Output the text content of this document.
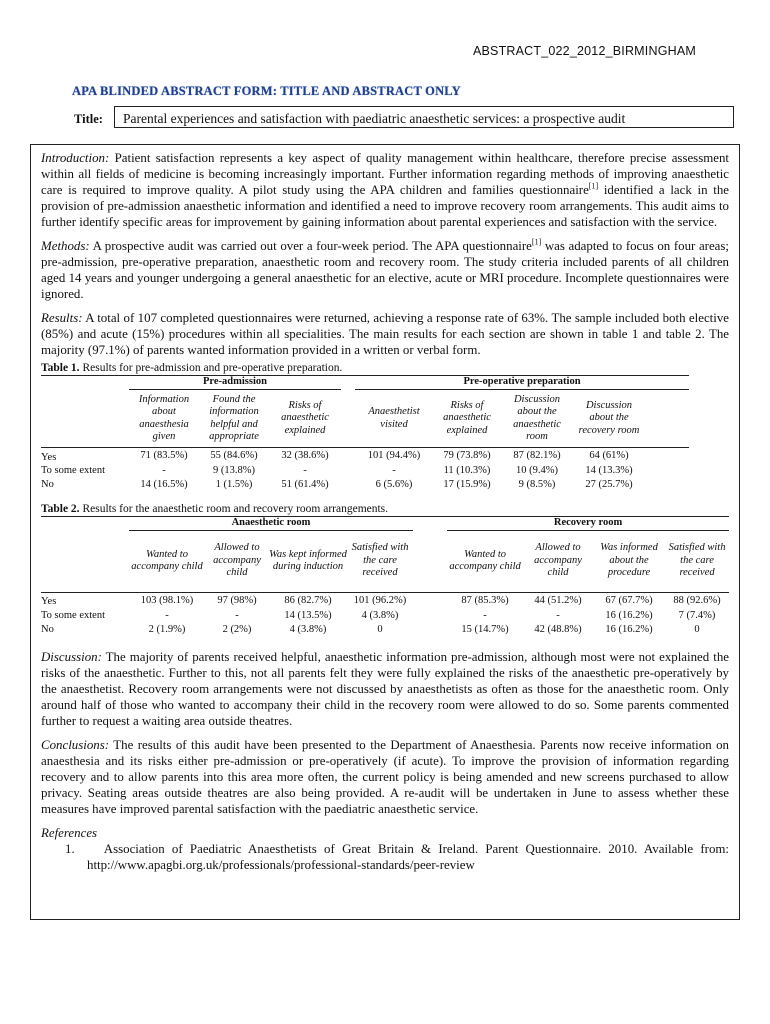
ABSTRACT_022_2012_BIRMINGHAM
APA BLINDED ABSTRACT FORM: TITLE AND ABSTRACT ONLY
Title:	Parental experiences and satisfaction with paediatric anaesthetic services: a prospective audit

Introduction: Patient satisfaction represents a key aspect of quality management within healthcare, therefore precise assessment within all fields of medicine is becoming increasingly important. Further information regarding methods of improving anaesthetic care is required to improve quality. A pilot study using the APA children and families questionnaire[1] identified a lack in the provision of pre-admission anaesthetic information and identified a need to improve recovery room arrangements. This audit aims to further identify specific areas for improvement by gaining information about parental experiences and satisfaction with the service.

Methods: A prospective audit was carried out over a four-week period. The APA questionnaire[1] was adapted to focus on four areas; pre-admission, pre-operative preparation, anaesthetic room and recovery room. The study criteria included parents of all children aged 14 years and younger undergoing a general anaesthetic for an elective, acute or MRI procedure. Incomplete questionnaires were ignored.

Results: A total of 107 completed questionnaires were returned, achieving a response rate of 63%. The sample included both elective (85%) and acute (15%) procedures within all specialities. The main results for each section are shown in table 1 and table 2. The majority (97.1%) of parents wanted information provided in a written or verbal form.

Table 1. Results for pre-admission and pre-operative preparation.
	Pre-admission				Pre-operative preparation				
	Information about anaesthesia given	Found the information helpful and appropriate	Risks of anaesthetic explained		Anaesthetist visited	Risks of anaesthetic explained	Discussion about the anaesthetic room	Discussion about the recovery room	
Yes	71 (83.5%)	55 (84.6%)	32 (38.6%)		101 (94.4%)	79 (73.8%)	87 (82.1%)	64 (61%)	
To some extent	-	9 (13.8%)	-		-	11 (10.3%)	10 (9.4%)	14 (13.3%)	
No	14 (16.5%)	1 (1.5%)	51 (61.4%)		6 (5.6%)	17 (15.9%)	9 (8.5%)	27 (25.7%)	
Table 2. Results for the anaesthetic room and recovery room arrangements.
	Anaesthetic room					Recovery room			
	Wanted to accompany child	Allowed to accompany child	Was kept informed during induction	Satisfied with the care received		Wanted to accompany child	Allowed to accompany child	Was informed about the procedure	Satisfied with the care received
Yes	103 (98.1%)	97 (98%)	86 (82.7%)	101 (96.2%)		87 (85.3%)	44 (51.2%)	67 (67.7%)	88 (92.6%)
To some extent	-	-	14 (13.5%)	4 (3.8%)		-	-	16 (16.2%)	7 (7.4%)
No	2 (1.9%)	2 (2%)	4 (3.8%)	0		15 (14.7%)	42 (48.8%)	16 (16.2%)	0

Discussion: The majority of parents received helpful, anaesthetic information pre-admission, although most were not explained the risks of the anaesthetic. Further to this, not all parents felt they were fully explained the risks of the anaesthetic pre-operatively by the anaesthetist. Recovery room arrangements were not discussed by anaesthetists as often as those for the anaesthetic room. Only around half of those who wanted to accompany their child in the recovery room were allowed to do so. Some parents commented further to request a waiting area outside theatres.

Conclusions: The results of this audit have been presented to the Department of Anaesthesia. Parents now receive information on anaesthesia and its risks either pre-admission or pre-operatively (if acute). To improve the provision of information regarding recovery and to allow parents into this area more often, the current policy is being amended and new screens purchased to allow privacy. Seating areas outside theatres are also being provided. A re-audit will be undertaken in June to assess whether these measures have improved parental satisfaction with the paediatric anaesthetic service.

References

1. Association of Paediatric Anaesthetists of Great Britain & Ireland. Parent Questionnaire. 2010. Available from: http://www.apagbi.org.uk/professionals/professional-standards/peer-review
